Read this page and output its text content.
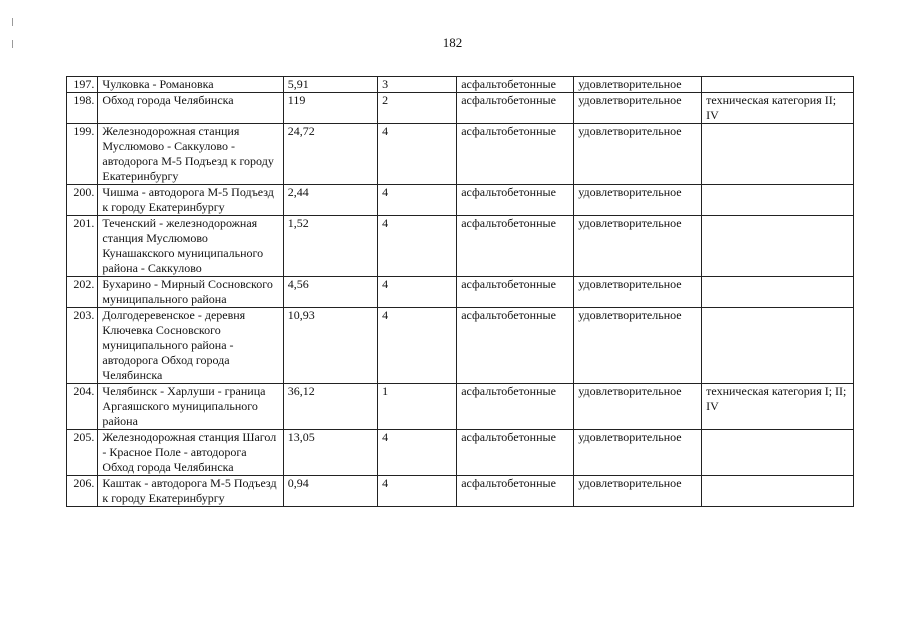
182
197.	Чулковка - Романовка	5,91	3	асфальтобетонные	удовлетворительное	
198.	Обход города Челябинска	119	2	асфальтобетонные	удовлетворительное	техническая категория II; IV
199.	Железнодорожная станция Муслюмово - Саккулово - автодорога М-5 Подъезд к городу Екатеринбургу	24,72	4	асфальтобетонные	удовлетворительное	
200.	Чишма - автодорога М-5 Подъезд к городу Екатеринбургу	2,44	4	асфальтобетонные	удовлетворительное	
201.	Теченский - железнодорожная станция Муслюмово Кунашакского муниципального района - Саккулово	1,52	4	асфальтобетонные	удовлетворительное	
202.	Бухарино - Мирный Сосновского муниципального района	4,56	4	асфальтобетонные	удовлетворительное	
203.	Долгодеревенское - деревня Ключевка Сосновского муниципального района - автодорога Обход города Челябинска	10,93	4	асфальтобетонные	удовлетворительное	
204.	Челябинск - Харлуши - граница Аргаяшского муниципального района	36,12	1	асфальтобетонные	удовлетворительное	техническая категория I; II; IV
205.	Железнодорожная станция Шагол - Красное Поле - автодорога Обход города Челябинска	13,05	4	асфальтобетонные	удовлетворительное	
206.	Каштак - автодорога М-5 Подъезд к городу Екатеринбургу	0,94	4	асфальтобетонные	удовлетворительное	
